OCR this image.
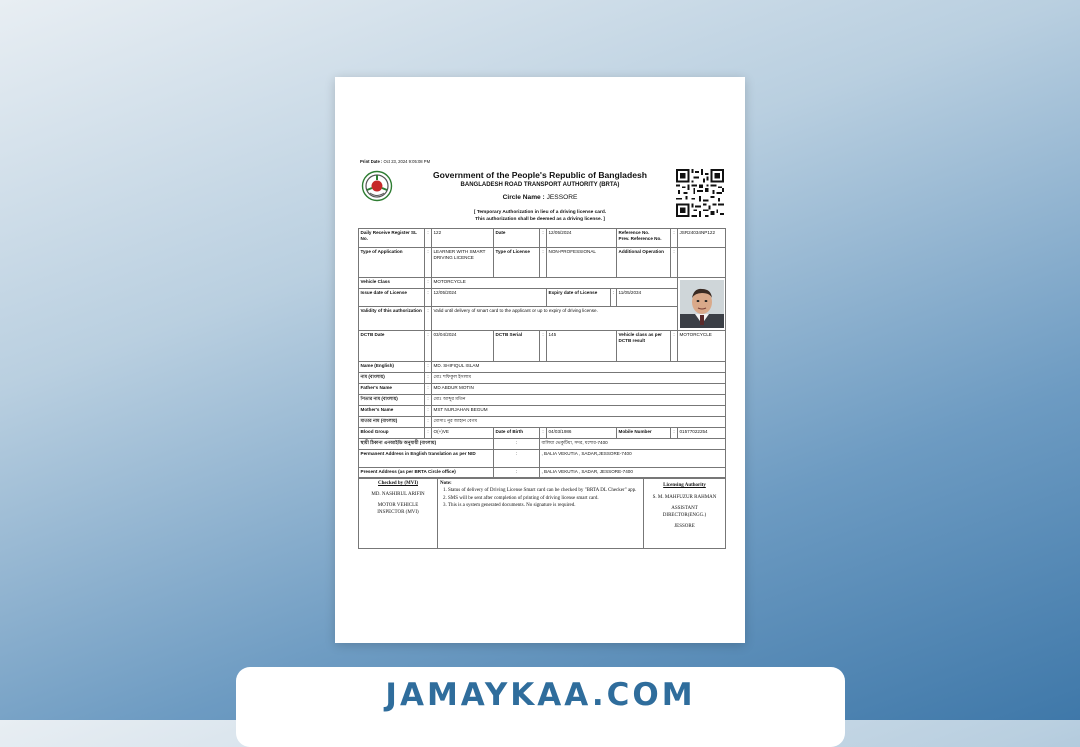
Print Date : Oct 23, 2024 9:05:08 PM
Government of the People's Republic of Bangladesh
BANGLADESH ROAD TRANSPORT AUTHORITY (BRTA)
Circle Name : JESSORE
[ Temporary Authorization in lieu of a driving license card.
This authorization shall be deemed as a driving license. ]
Daily Receive Register SL No.	:	122	Date	:	12/05/2024		Reference No.
Prev. Reference No.	:	JSR24034NP122
Type of Application	:	LEARNER WITH SMART DRIVING LICENCE	Type of License	:	NON-PROFESSIONAL		Additional Operation	:	
Vehicle Class	:	MOTORCYCLE	

Issue date of License	:	12/05/2024			Expiry date of License	:	11/05/2034		
Validity of this authorization	:	Valid until delivery of smart card to the applicant or up to expiry of driving license.							
DCTB Date	:	03/04/2024	DCTB Serial	:	145		Vehicle class as per DCTB result	:	MOTORCYCLE
Name (English)	:	MD. SHIFIQUL ISLAM							
নাম (বাংলায়)	:	মোঃ শফিকুল ইসলাম							
Father's Name	:	MD ABDUR MOTIN							
পিতার নাম (বাংলায়)	:	মোঃ আব্দুর মতিন							
Mother's Name	:	MST NURJAHAN BEGUM							
মাতার নাম (বাংলায়)	:	মোসাঃ নুর জাহান বেগম							
Blood Group	:	O(+)VE	Date of Birth	:	04/03/1986		Mobile Number	:	01577022254
স্থায়ী ঠিকানা এনআইডি অনুযায়ী (বাংলায়)			:	বালিয়া ভেকুটিয়া, সদর, যশোর-7400					
Permanent Address in English translation as per NID			:	, BALIA VEKUTIA , SADAR,JESSORE-7400					
Present Address (as per BRTA Circle office)			:	, BALIA VEKUTIA , SADAR, JESSORE-7400					
Checked by (MVI)
MD. NASHIRUL ARIFIN
MOTOR VEHICLE
INSPECTOR (MVI)

Note:
1. Status of delivery of Driving License Smart card can be checked by "BRTA DL Checker" app.
2. SMS will be sent after completion of printing of driving license smart card.
3. This is a system generated documents. No signature is required.

Licensing Authority
S. M. MAHFUZUR RAHMAN
ASSISTANT
DIRECTOR(ENGG.)
JESSORE
JAMAYKAA.COM
